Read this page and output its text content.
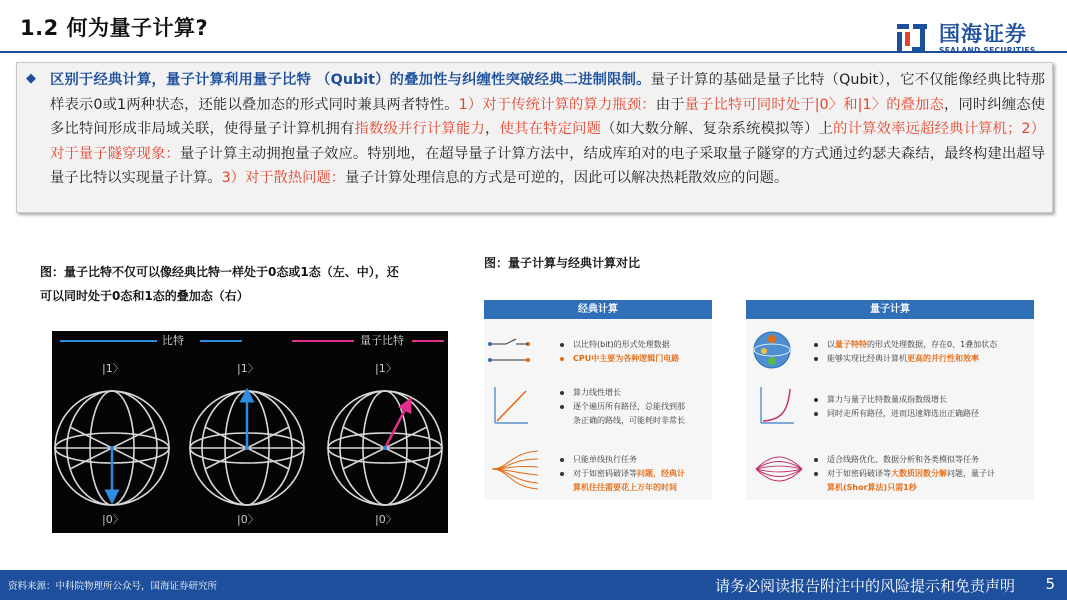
1.2 何为量子计算?	国海证券
◆ 区别于经典计算，量子计算利用量子比特 （Qubit）的叠加性与纠缠性突破经典二进制限制。量子计算的基础是量子比特（Qubit），它不仅能像经典比特那样表示0或1两种状态，还能以叠加态的形式同时兼具两者特性。1）对于传统计算的算力瓶颈：由于量子比特可同时处于|0〉和|1〉的叠加态，同时纠缠态使多比特间形成非局域关联，使得量子计算机拥有指数级并行计算能力，使其在特定问题（如大数分解、复杂系统模拟等）上的计算效率远超经典计算机；2）对于量子隧穿现象：量子计算主动拥抱量子效应。特别地，在超导量子计算方法中，结成库珀对的电子采取量子隧穿的方式通过约瑟夫森结，最终构建出超导量子比特以实现量子计算。3）对于散热问题：量子计算处理信息的方式是可逆的，因此可以解决热耗散效应的问题。

图：量子比特不仅可以像经典比特一样处于0态或1态（左、中），还
可以同时处于0态和1态的叠加态（右）
图：量子计算与经典计算对比
比特	量子比特
|1〉	|1〉	|1〉
|0〉	|0〉	|0〉
经典计算	量子计算
以比特(bit)的形式处理数据
CPU中主要为各种逻辑门电路
算力线性增长
逐个遍历所有路径，总能找到那
条正确的路线，可能耗时非常长
只能单线执行任务
对于如密码破译等问题，经典计
算机往往需要花上万年的时间
以量子特特的形式处理数据，存在0、1叠加状态
能够实现比经典计算机更高的并行性和效率
算力与量子比特数量成指数级增长
同时走所有路径，进而迅速筛选出正确路径
适合线路优化、数据分析和各类模拟等任务
对于如密码破译等大数质因数分解问题，量子计
算机(Shor算法)只需1秒
资料来源：中科院物理所公众号，国海证券研究所	请务必阅读报告附注中的风险提示和免责声明 5
